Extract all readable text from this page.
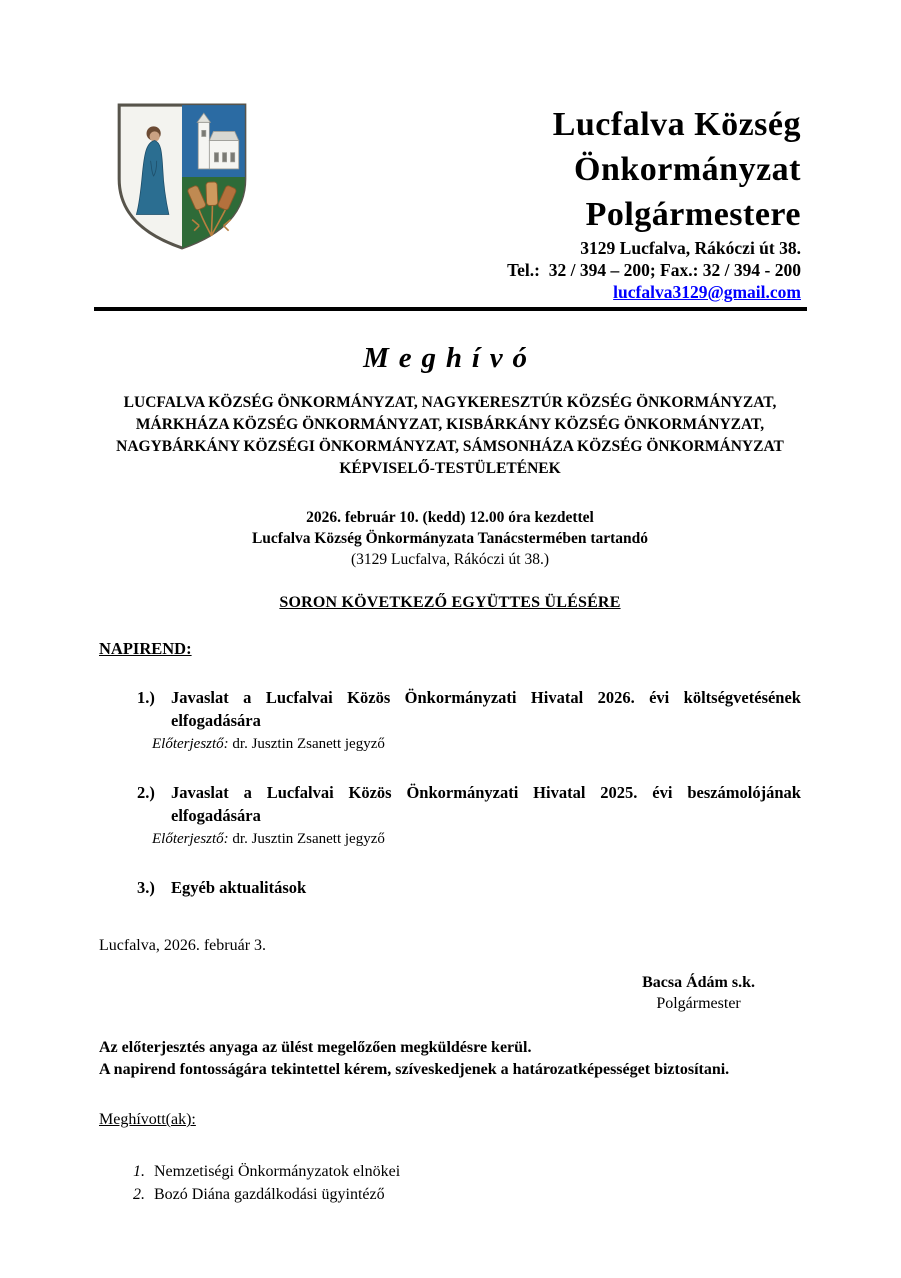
Lucfalva Község
Önkormányzat
Polgármestere
3129 Lucfalva, Rákóczi út 38.
Tel.:  32 / 394 – 200; Fax.: 32 / 394 - 200
lucfalva3129@gmail.com
Meghívó
LUCFALVA KÖZSÉG ÖNKORMÁNYZAT, NAGYKERESZTÚR KÖZSÉG ÖNKORMÁNYZAT, MÁRKHÁZA KÖZSÉG ÖNKORMÁNYZAT, KISBÁRKÁNY KÖZSÉG ÖNKORMÁNYZAT, NAGYBÁRKÁNY KÖZSÉGI ÖNKORMÁNYZAT, SÁMSONHÁZA KÖZSÉG ÖNKORMÁNYZAT
KÉPVISELŐ-TESTÜLETÉNEK
2026. február 10. (kedd) 12.00 óra kezdettel
Lucfalva Község Önkormányzata Tanácstermében tartandó
(3129 Lucfalva, Rákóczi út 38.)
SORON KÖVETKEZŐ EGYÜTTES ÜLÉSÉRE
NAPIREND:
1.) Javaslat a Lucfalvai Közös Önkormányzati Hivatal 2026. évi költségvetésének elfogadására
Előterjesztő: dr. Jusztin Zsanett jegyző
2.) Javaslat a Lucfalvai Közös Önkormányzati Hivatal 2025. évi beszámolójának elfogadására
Előterjesztő: dr. Jusztin Zsanett jegyző
3.) Egyéb aktualitások
Lucfalva, 2026. február 3.
Bacsa Ádám s.k.
Polgármester
Az előterjesztés anyaga az ülést megelőzően megküldésre kerül.
A napirend fontosságára tekintettel kérem, szíveskedjenek a határozatképességet biztosítani.
Meghívott(ak):
1. Nemzetiségi Önkormányzatok elnökei
2. Bozó Diána gazdálkodási ügyintéző
